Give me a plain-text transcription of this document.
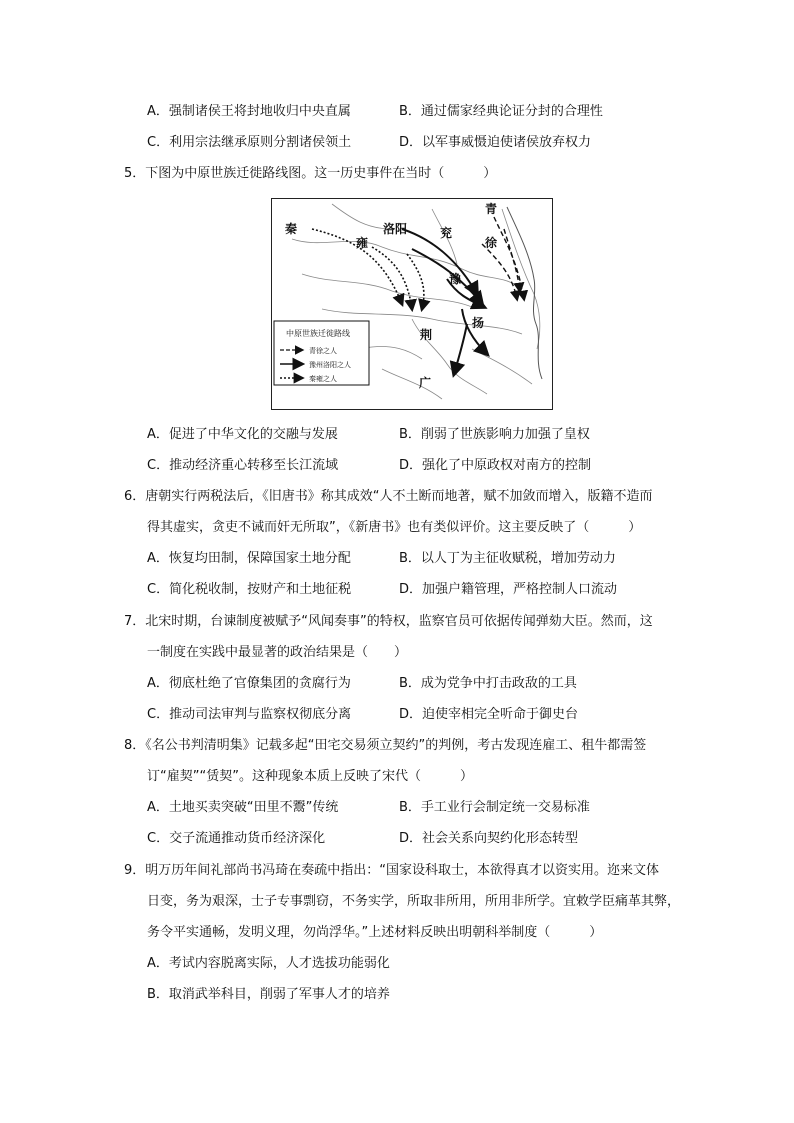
A．强制诸侯王将封地收归中央直属	B．通过儒家经典论证分封的合理性
C．利用宗法继承原则分割诸侯领土	D．以军事威慑迫使诸侯放弃权力
5．下图为中原世族迁徙路线图。这一历史事件在当时（　　　）
秦
雍
洛阳	兖
青
徐
豫
荆
扬
广
中原世族迁徙路线
青徐之人
豫州洛阳之人
秦雍之人
A．促进了中华文化的交融与发展	B．削弱了世族影响力加强了皇权
C．推动经济重心转移至长江流域	D．强化了中原政权对南方的控制
6．唐朝实行两税法后，《旧唐书》称其成效“人不土断而地著，赋不加敛而增入，版籍不造而
得其虚实，贪吏不诫而奸无所取”，《新唐书》也有类似评价。这主要反映了（　　　）
A．恢复均田制，保障国家土地分配	B．以人丁为主征收赋税，增加劳动力
C．简化税收制，按财产和土地征税	D．加强户籍管理，严格控制人口流动
7．北宋时期，台谏制度被赋予“风闻奏事”的特权，监察官员可依据传闻弹劾大臣。然而，这
一制度在实践中最显著的政治结果是（　　）
A．彻底杜绝了官僚集团的贪腐行为	B．成为党争中打击政敌的工具
C．推动司法审判与监察权彻底分离	D．迫使宰相完全听命于御史台
8．《名公书判清明集》记载多起“田宅交易须立契约”的判例，考古发现连雇工、租牛都需签
订“雇契”“赁契”。这种现象本质上反映了宋代（　　　）
A．土地买卖突破“田里不鬻”传统	B．手工业行会制定统一交易标准
C．交子流通推动货币经济深化	D．社会关系向契约化形态转型
9．明万历年间礼部尚书冯琦在奏疏中指出：“国家设科取士，本欲得真才以资实用。迩来文体
日变，务为艰深，士子专事剽窃，不务实学，所取非所用，所用非所学。宜敕学臣痛革其弊，
务令平实通畅，发明义理，勿尚浮华。”上述材料反映出明朝科举制度（　　　）
A．考试内容脱离实际，人才选拔功能弱化
B．取消武举科目，削弱了军事人才的培养
